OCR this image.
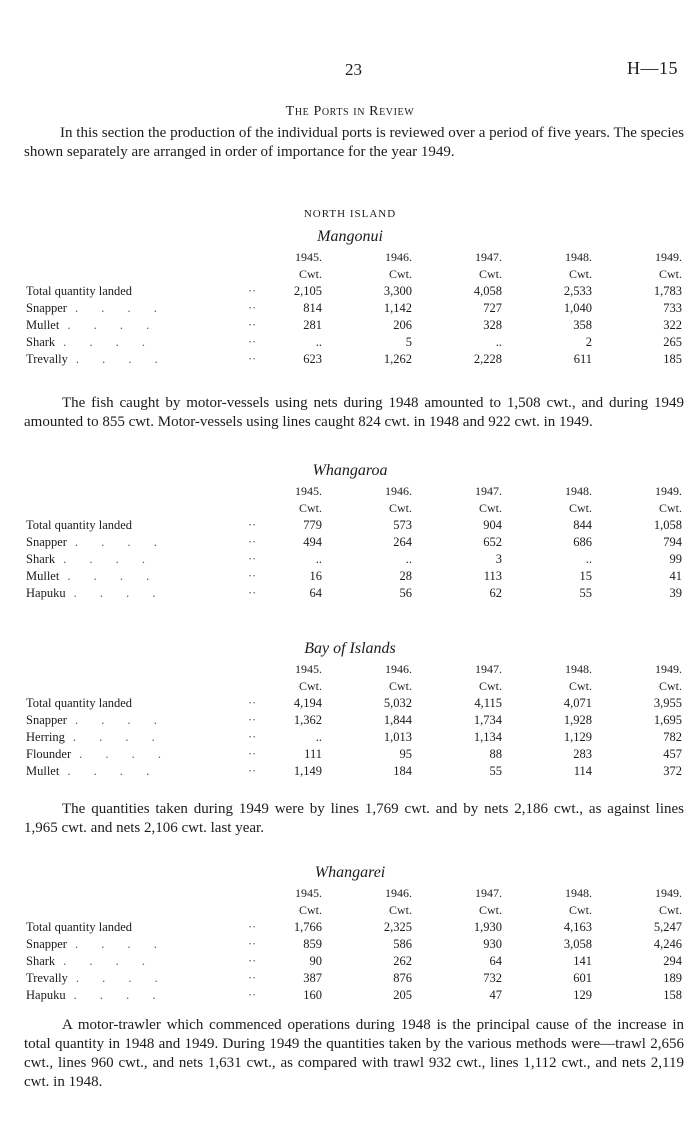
23	H—15
The Ports in Review

In this section the production of the individual ports is reviewed over a period of five years. The species shown separately are arranged in order of importance for the year 1949.

NORTH ISLAND
Mangonui
		1945.	1946.	1947.	1948.	1949.
		Cwt.	Cwt.	Cwt.	Cwt.	Cwt.
Total quantity landed	··	2,105	3,300	4,058	2,533	1,783
Snapper . . . .	··	814	1,142	727	1,040	733
Mullet . . . .	··	281	206	328	358	322
Shark . . . .	··	..	5	..	2	265
Trevally . . . .	··	623	1,262	2,228	611	185

The fish caught by motor-vessels using nets during 1948 amounted to 1,508 cwt., and during 1949 amounted to 855 cwt. Motor-vessels using lines caught 824 cwt. in 1948 and 922 cwt. in 1949.

Whangaroa
		1945.	1946.	1947.	1948.	1949.
		Cwt.	Cwt.	Cwt.	Cwt.	Cwt.
Total quantity landed	··	779	573	904	844	1,058
Snapper . . . .	··	494	264	652	686	794
Shark . . . .	··	..	..	3	..	99
Mullet . . . .	··	16	28	113	15	41
Hapuku . . . .	··	64	56	62	55	39
Bay of Islands
		1945.	1946.	1947.	1948.	1949.
		Cwt.	Cwt.	Cwt.	Cwt.	Cwt.
Total quantity landed	··	4,194	5,032	4,115	4,071	3,955
Snapper . . . .	··	1,362	1,844	1,734	1,928	1,695
Herring . . . .	··	..	1,013	1,134	1,129	782
Flounder . . . .	··	111	95	88	283	457
Mullet . . . .	··	1,149	184	55	114	372

The quantities taken during 1949 were by lines 1,769 cwt. and by nets 2,186 cwt., as against lines 1,965 cwt. and nets 2,106 cwt. last year.

Whangarei
		1945.	1946.	1947.	1948.	1949.
		Cwt.	Cwt.	Cwt.	Cwt.	Cwt.
Total quantity landed	··	1,766	2,325	1,930	4,163	5,247
Snapper . . . .	··	859	586	930	3,058	4,246
Shark . . . .	··	90	262	64	141	294
Trevally . . . .	··	387	876	732	601	189
Hapuku . . . .	··	160	205	47	129	158

A motor-trawler which commenced operations during 1948 is the principal cause of the increase in total quantity in 1948 and 1949. During 1949 the quantities taken by the various methods were—trawl 2,656 cwt., lines 960 cwt., and nets 1,631 cwt., as compared with trawl 932 cwt., lines 1,112 cwt., and nets 2,119 cwt. in 1948.
